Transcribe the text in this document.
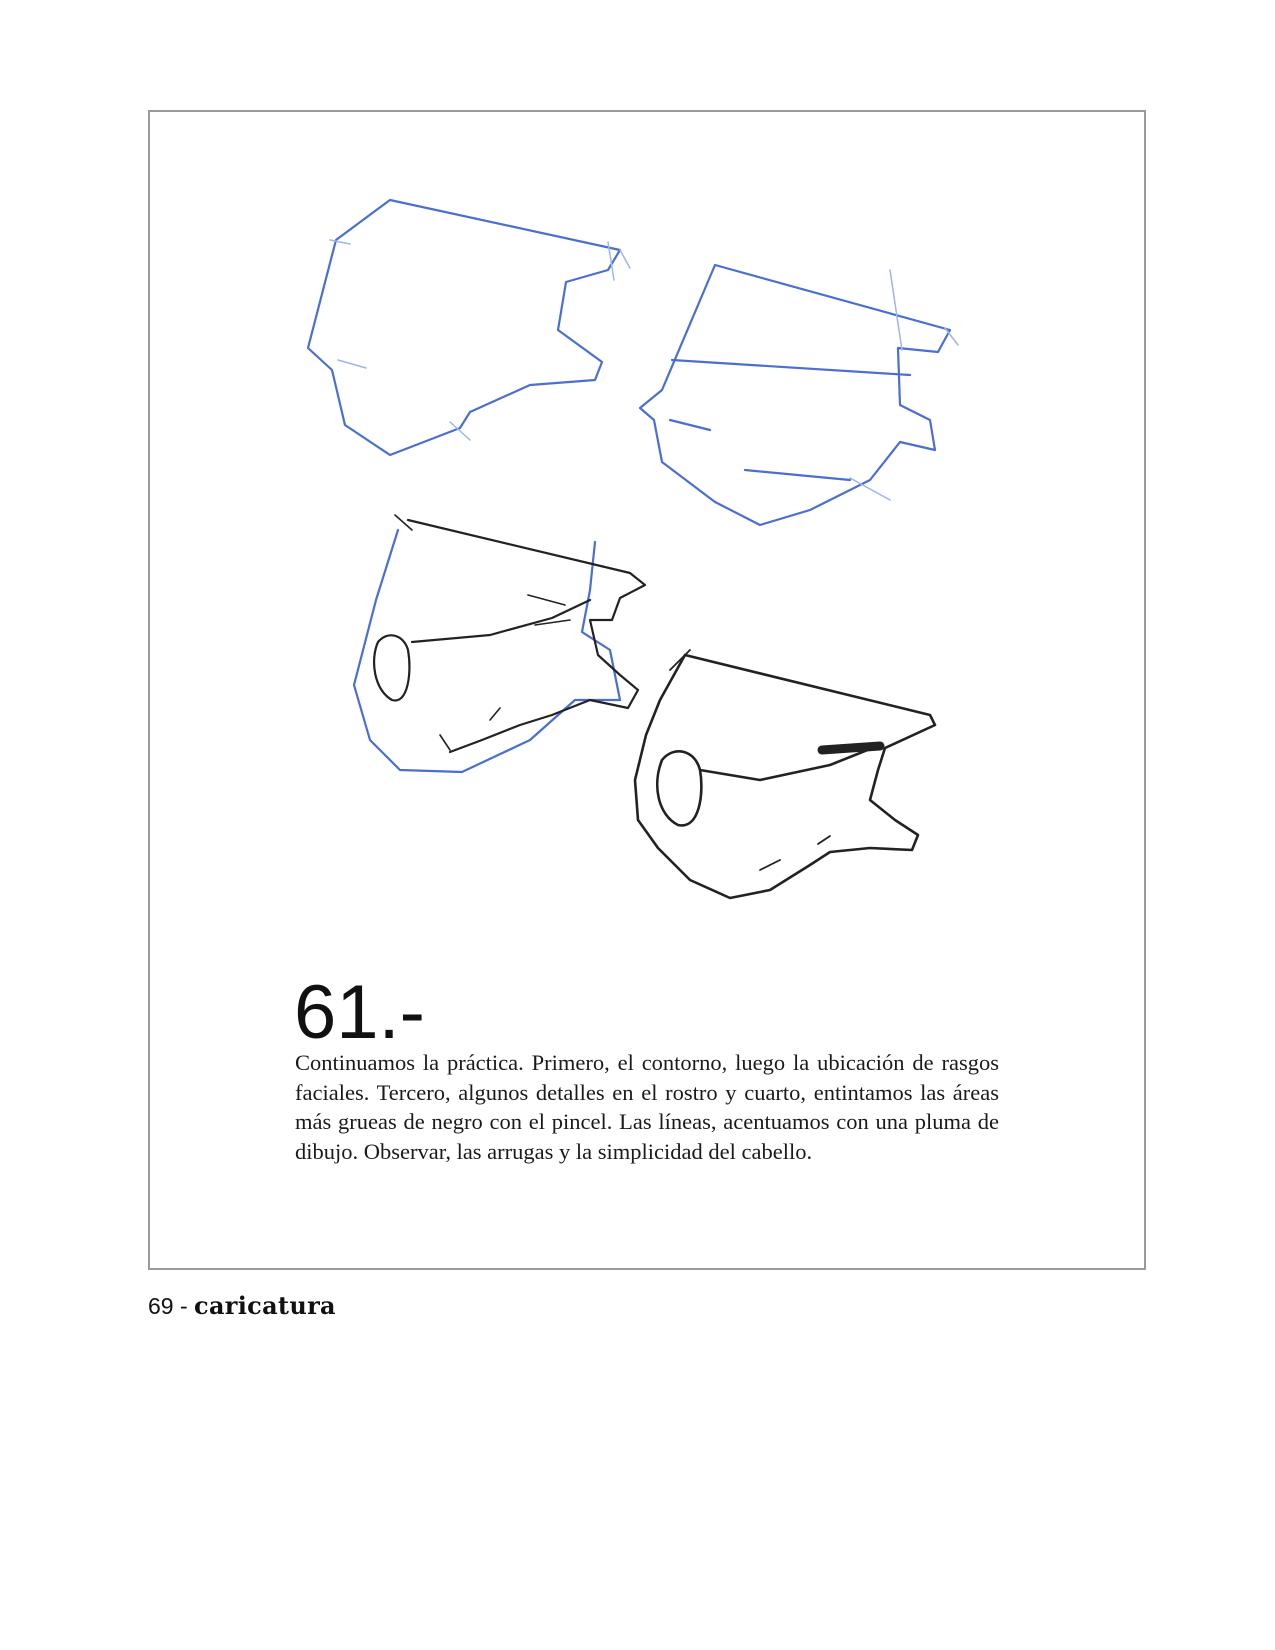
61.-

Continuamos la práctica. Primero, el contorno, luego la ubicación de rasgos faciales. Tercero, algunos detalles en el rostro y cuarto, entintamos las áreas más grueas de negro con el pincel. Las líneas, acentuamos con una pluma de dibujo. Observar, las arrugas y la simplicidad del cabello.

69 - caricatura
